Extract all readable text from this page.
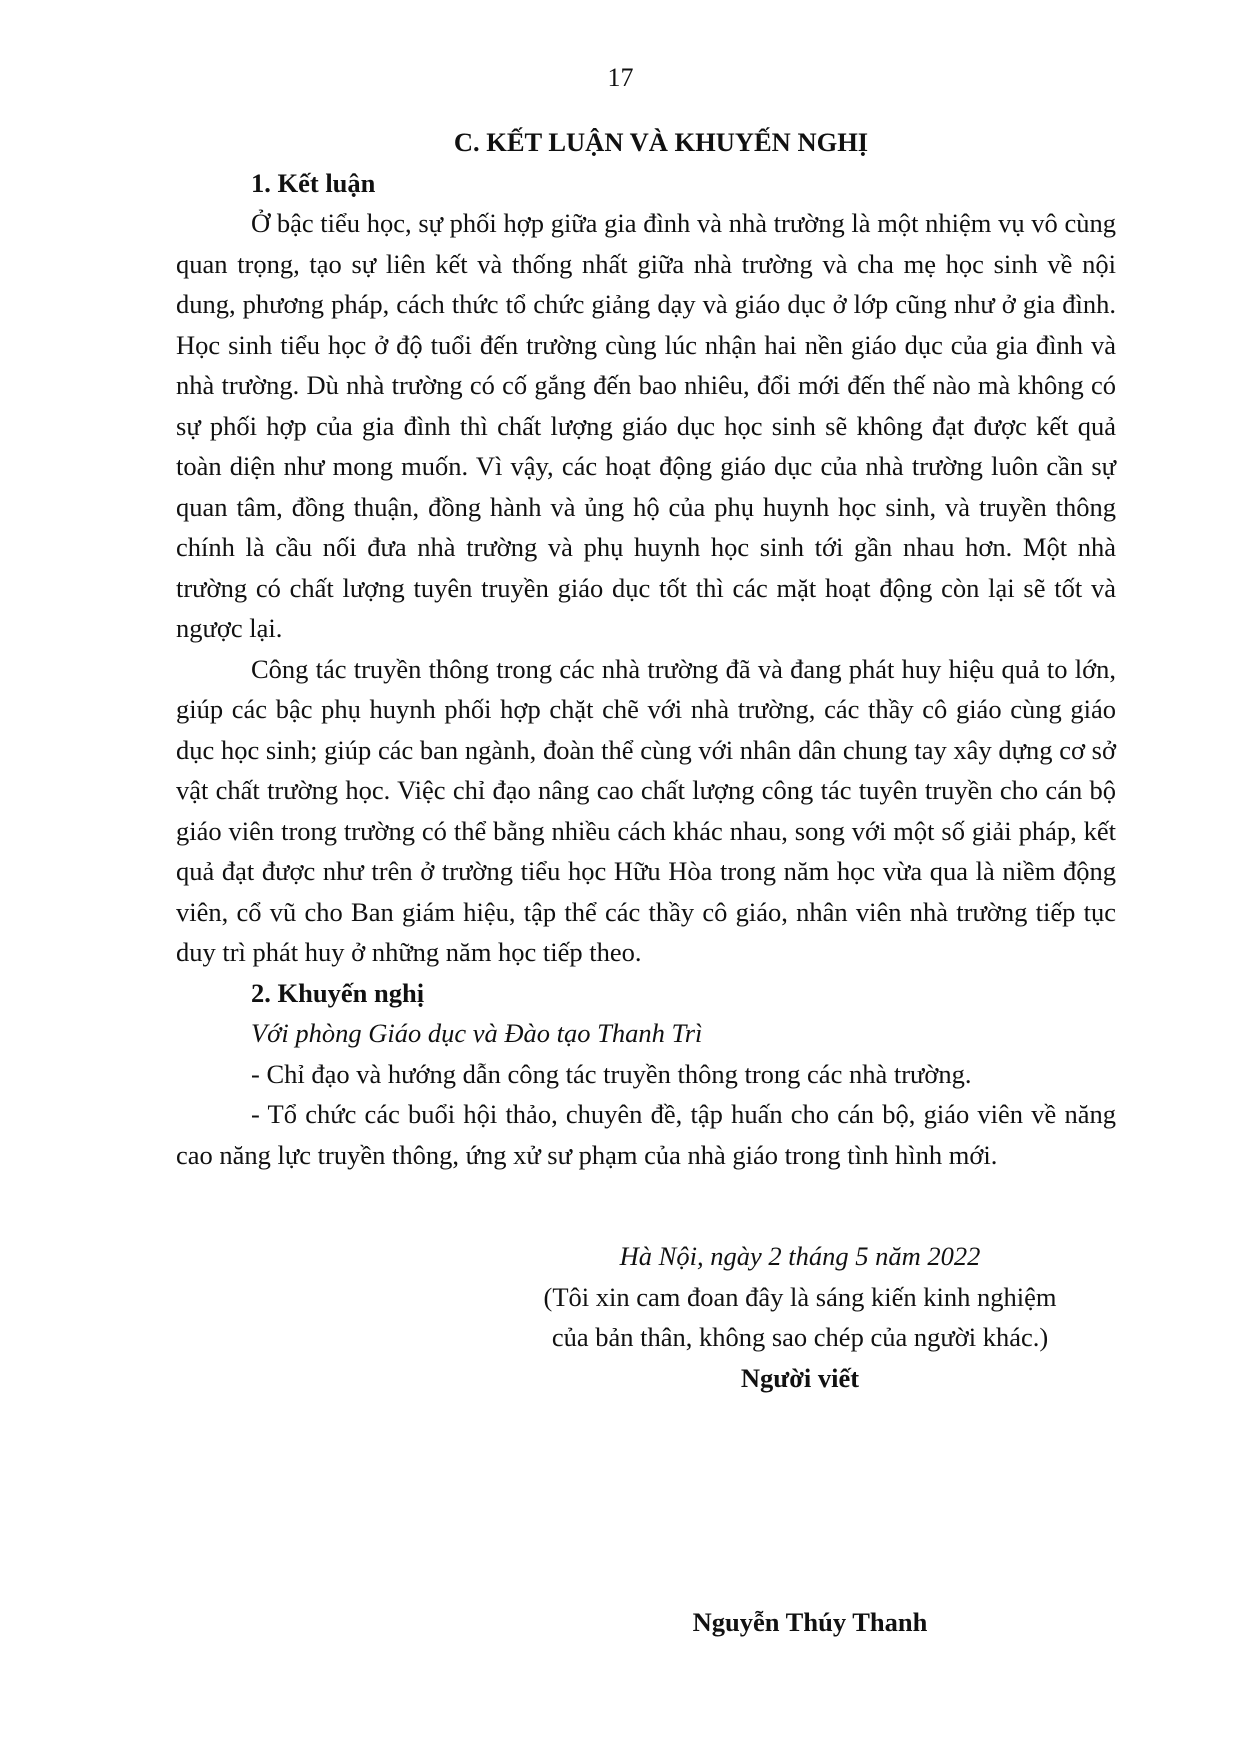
17

C. KẾT LUẬN VÀ KHUYẾN NGHỊ

1. Kết luận

Ở bậc tiểu học, sự phối hợp giữa gia đình và nhà trường là một nhiệm vụ vô cùng quan trọng, tạo sự liên kết và thống nhất giữa nhà trường và cha mẹ học sinh về nội dung, phương pháp, cách thức tổ chức giảng dạy và giáo dục ở lớp cũng như ở gia đình. Học sinh tiểu học ở độ tuổi đến trường cùng lúc nhận hai nền giáo dục của gia đình và nhà trường. Dù nhà trường có cố gắng đến bao nhiêu, đổi mới đến thế nào mà không có sự phối hợp của gia đình thì chất lượng giáo dục học sinh sẽ không đạt được kết quả toàn diện như mong muốn. Vì vậy, các hoạt động giáo dục của nhà trường luôn cần sự quan tâm, đồng thuận, đồng hành và ủng hộ của phụ huynh học sinh, và truyền thông chính là cầu nối đưa nhà trường và phụ huynh học sinh tới gần nhau hơn. Một nhà trường có chất lượng tuyên truyền giáo dục tốt thì các mặt hoạt động còn lại sẽ tốt và ngược lại.

Công tác truyền thông trong các nhà trường đã và đang phát huy hiệu quả to lớn, giúp các bậc phụ huynh phối hợp chặt chẽ với nhà trường, các thầy cô giáo cùng giáo dục học sinh; giúp các ban ngành, đoàn thể cùng với nhân dân chung tay xây dựng cơ sở vật chất trường học. Việc chỉ đạo nâng cao chất lượng công tác tuyên truyền cho cán bộ giáo viên trong trường có thể bằng nhiều cách khác nhau, song với một số giải pháp, kết quả đạt được như trên ở trường tiểu học Hữu Hòa trong năm học vừa qua là niềm động viên, cổ vũ cho Ban giám hiệu, tập thể các thầy cô giáo, nhân viên nhà trường tiếp tục duy trì phát huy ở những năm học tiếp theo.

2. Khuyến nghị

Với phòng Giáo dục và Đào tạo Thanh Trì

- Chỉ đạo và hướng dẫn công tác truyền thông trong các nhà trường.

- Tổ chức các buổi hội thảo, chuyên đề, tập huấn cho cán bộ, giáo viên về năng cao năng lực truyền thông, ứng xử sư phạm của nhà giáo trong tình hình mới.

Hà Nội, ngày 2 tháng 5 năm 2022

(Tôi xin cam đoan đây là sáng kiến kinh nghiệm

của bản thân, không sao chép của người khác.)

Người viết

Nguyễn Thúy Thanh
